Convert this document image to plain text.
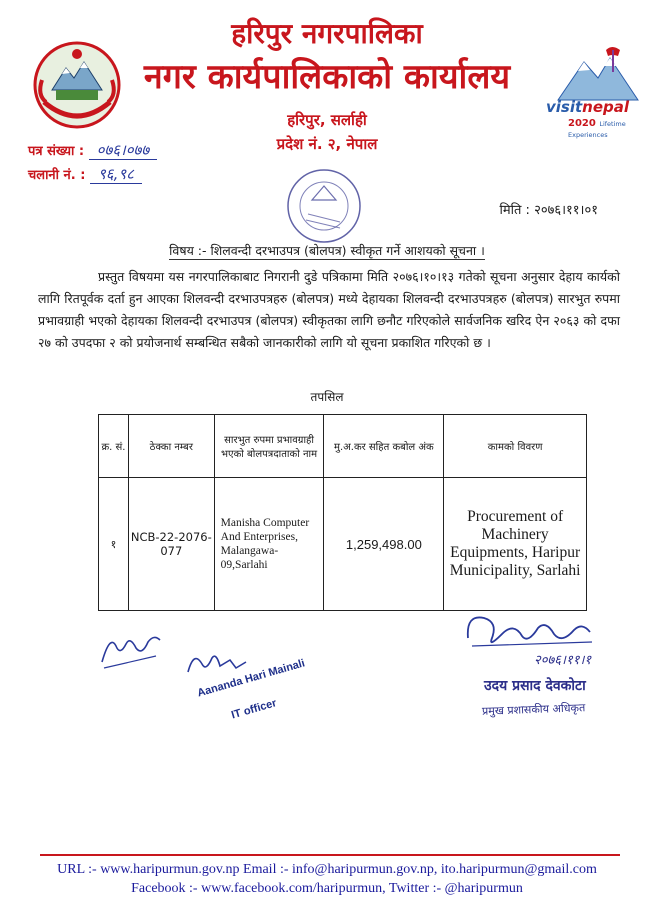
visitnepal
2020 Lifetime Experiences
हरिपुर नगरपालिका
नगर कार्यपालिकाको कार्यालय
हरिपुर, सर्लाही
प्रदेश नं. २, नेपाल
पत्र संख्या : ०७६।०७७
चलानी नं. : ९६,९८
मिति : २०७६।११।०१
विषय :- शिलवन्दी दरभाउपत्र (बोलपत्र) स्वीकृत गर्ने आशयको सूचना ।
प्रस्तुत विषयमा यस नगरपालिकाबाट निगरानी दुडे पत्रिकामा मिति २०७६।१०।१३ गतेको सूचना अनुसार देहाय कार्यको लागि रितपूर्वक दर्ता हुन आएका शिलवन्दी दरभाउपत्रहरु (बोलपत्र) मध्ये देहायका शिलवन्दी दरभाउपत्रहरु (बोलपत्र) सारभुत रुपमा प्रभावग्राही भएको देहायका शिलवन्दी दरभाउपत्र (बोलपत्र) स्वीकृतका लागि छनौट गरिएकोले सार्वजनिक खरिद ऐन २०६३ को दफा २७ को उपदफा २ को प्रयोजनार्थ सम्बन्धित सबैको जानकारीको लागि यो सूचना प्रकाशित गरिएको छ ।
तपसिल
क्र. सं.	ठेक्का नम्बर	सारभुत रुपमा प्रभावग्राही भएको बोलपत्रदाताको नाम	मु.अ.कर सहित कबोल अंक	कामको विवरण
१	NCB-22-2076-077	Manisha Computer And Enterprises, Malangawa-09,Sarlahi	1,259,498.00	Procurement of Machinery Equipments, Haripur Municipality, Sarlahi
Aananda Hari Mainali
IT officer
२०७६।११।१
उदय प्रसाद देवकोटा
प्रमुख प्रशासकीय अधिकृत
URL :- www.haripurmun.gov.np Email :- info@haripurmun.gov.np, ito.haripurmun@gmail.com
Facebook :- www.facebook.com/haripurmun, Twitter :- @haripurmun
